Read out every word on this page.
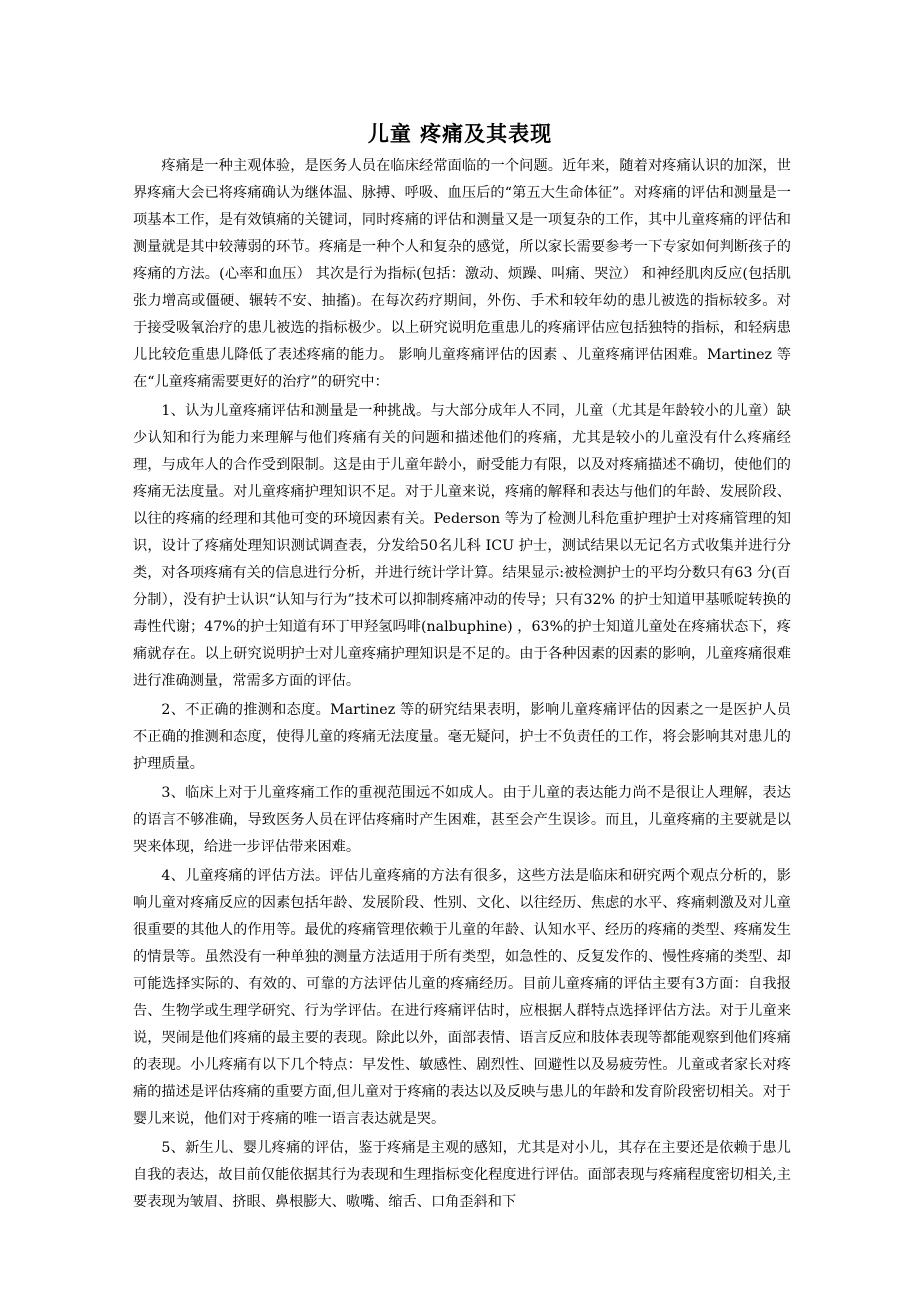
儿童 疼痛及其表现

疼痛是一种主观体验，是医务人员在临床经常面临的一个问题。近年来，随着对疼痛认识的加深，世界疼痛大会已将疼痛确认为继体温、脉搏、呼吸、血压后的“第五大生命体征”。对疼痛的评估和测量是一项基本工作，是有效镇痛的关键词，同时疼痛的评估和测量又是一项复杂的工作，其中儿童疼痛的评估和测量就是其中较薄弱的环节。疼痛是一种个人和复杂的感觉，所以家长需要参考一下专家如何判断孩子的疼痛的方法。(心率和血压） 其次是行为指标(包括：激动、烦躁、叫痛、哭泣） 和神经肌肉反应(包括肌张力增高或僵硬、辗转不安、抽搐)。在每次药疗期间，外伤、手术和较年幼的患儿被选的指标较多。对于接受吸氧治疗的患儿被选的指标极少。以上研究说明危重患儿的疼痛评估应包括独特的指标，和轻病患儿比较危重患儿降低了表述疼痛的能力。 影响儿童疼痛评估的因素 、儿童疼痛评估困难。Martinez 等在“儿童疼痛需要更好的治疗”的研究中：

1、认为儿童疼痛评估和测量是一种挑战。与大部分成年人不同，儿童（尤其是年龄较小的儿童）缺少认知和行为能力来理解与他们疼痛有关的问题和描述他们的疼痛，尤其是较小的儿童没有什么疼痛经理，与成年人的合作受到限制。这是由于儿童年龄小，耐受能力有限，以及对疼痛描述不确切，使他们的疼痛无法度量。对儿童疼痛护理知识不足。对于儿童来说，疼痛的解释和表达与他们的年龄、发展阶段、以往的疼痛的经理和其他可变的环境因素有关。Pederson 等为了检测儿科危重护理护士对疼痛管理的知识，设计了疼痛处理知识测试调查表，分发给50名儿科 ICU 护士，测试结果以无记名方式收集并进行分类，对各项疼痛有关的信息进行分析，并进行统计学计算。结果显示:被检测护士的平均分数只有63 分(百分制），没有护士认识“认知与行为”技术可以抑制疼痛冲动的传导；只有32% 的护士知道甲基哌啶转换的毒性代谢；47%的护士知道有环丁甲羟氢吗啡(nalbuphine) ，63%的护士知道儿童处在疼痛状态下，疼痛就存在。以上研究说明护士对儿童疼痛护理知识是不足的。由于各种因素的因素的影响，儿童疼痛很难进行准确测量，常需多方面的评估。

2、不正确的推测和态度。Martinez 等的研究结果表明，影响儿童疼痛评估的因素之一是医护人员不正确的推测和态度，使得儿童的疼痛无法度量。毫无疑问，护士不负责任的工作，将会影响其对患儿的护理质量。

3、临床上对于儿童疼痛工作的重视范围远不如成人。由于儿童的表达能力尚不是很让人理解，表达的语言不够准确，导致医务人员在评估疼痛时产生困难，甚至会产生误诊。而且，儿童疼痛的主要就是以哭来体现，给进一步评估带来困难。

4、儿童疼痛的评估方法。评估儿童疼痛的方法有很多，这些方法是临床和研究两个观点分析的，影响儿童对疼痛反应的因素包括年龄、发展阶段、性别、文化、以往经历、焦虑的水平、疼痛刺激及对儿童很重要的其他人的作用等。最优的疼痛管理依赖于儿童的年龄、认知水平、经历的疼痛的类型、疼痛发生的情景等。虽然没有一种单独的测量方法适用于所有类型，如急性的、反复发作的、慢性疼痛的类型、却可能选择实际的、有效的、可靠的方法评估儿童的疼痛经历。目前儿童疼痛的评估主要有3方面：自我报告、生物学或生理学研究、行为学评估。在进行疼痛评估时，应根据人群特点选择评估方法。对于儿童来说，哭闹是他们疼痛的最主要的表现。除此以外，面部表情、语言反应和肢体表现等都能观察到他们疼痛的表现。小儿疼痛有以下几个特点：早发性、敏感性、剧烈性、回避性以及易疲劳性。儿童或者家长对疼痛的描述是评估疼痛的重要方面,但儿童对于疼痛的表达以及反映与患儿的年龄和发育阶段密切相关。对于婴儿来说，他们对于疼痛的唯一语言表达就是哭。

5、新生儿、婴儿疼痛的评估，鉴于疼痛是主观的感知，尤其是对小儿，其存在主要还是依赖于患儿自我的表达，故目前仅能依据其行为表现和生理指标变化程度进行评估。面部表现与疼痛程度密切相关,主要表现为皱眉、挤眼、鼻根膨大、嗷嘴、缩舌、口角歪斜和下
